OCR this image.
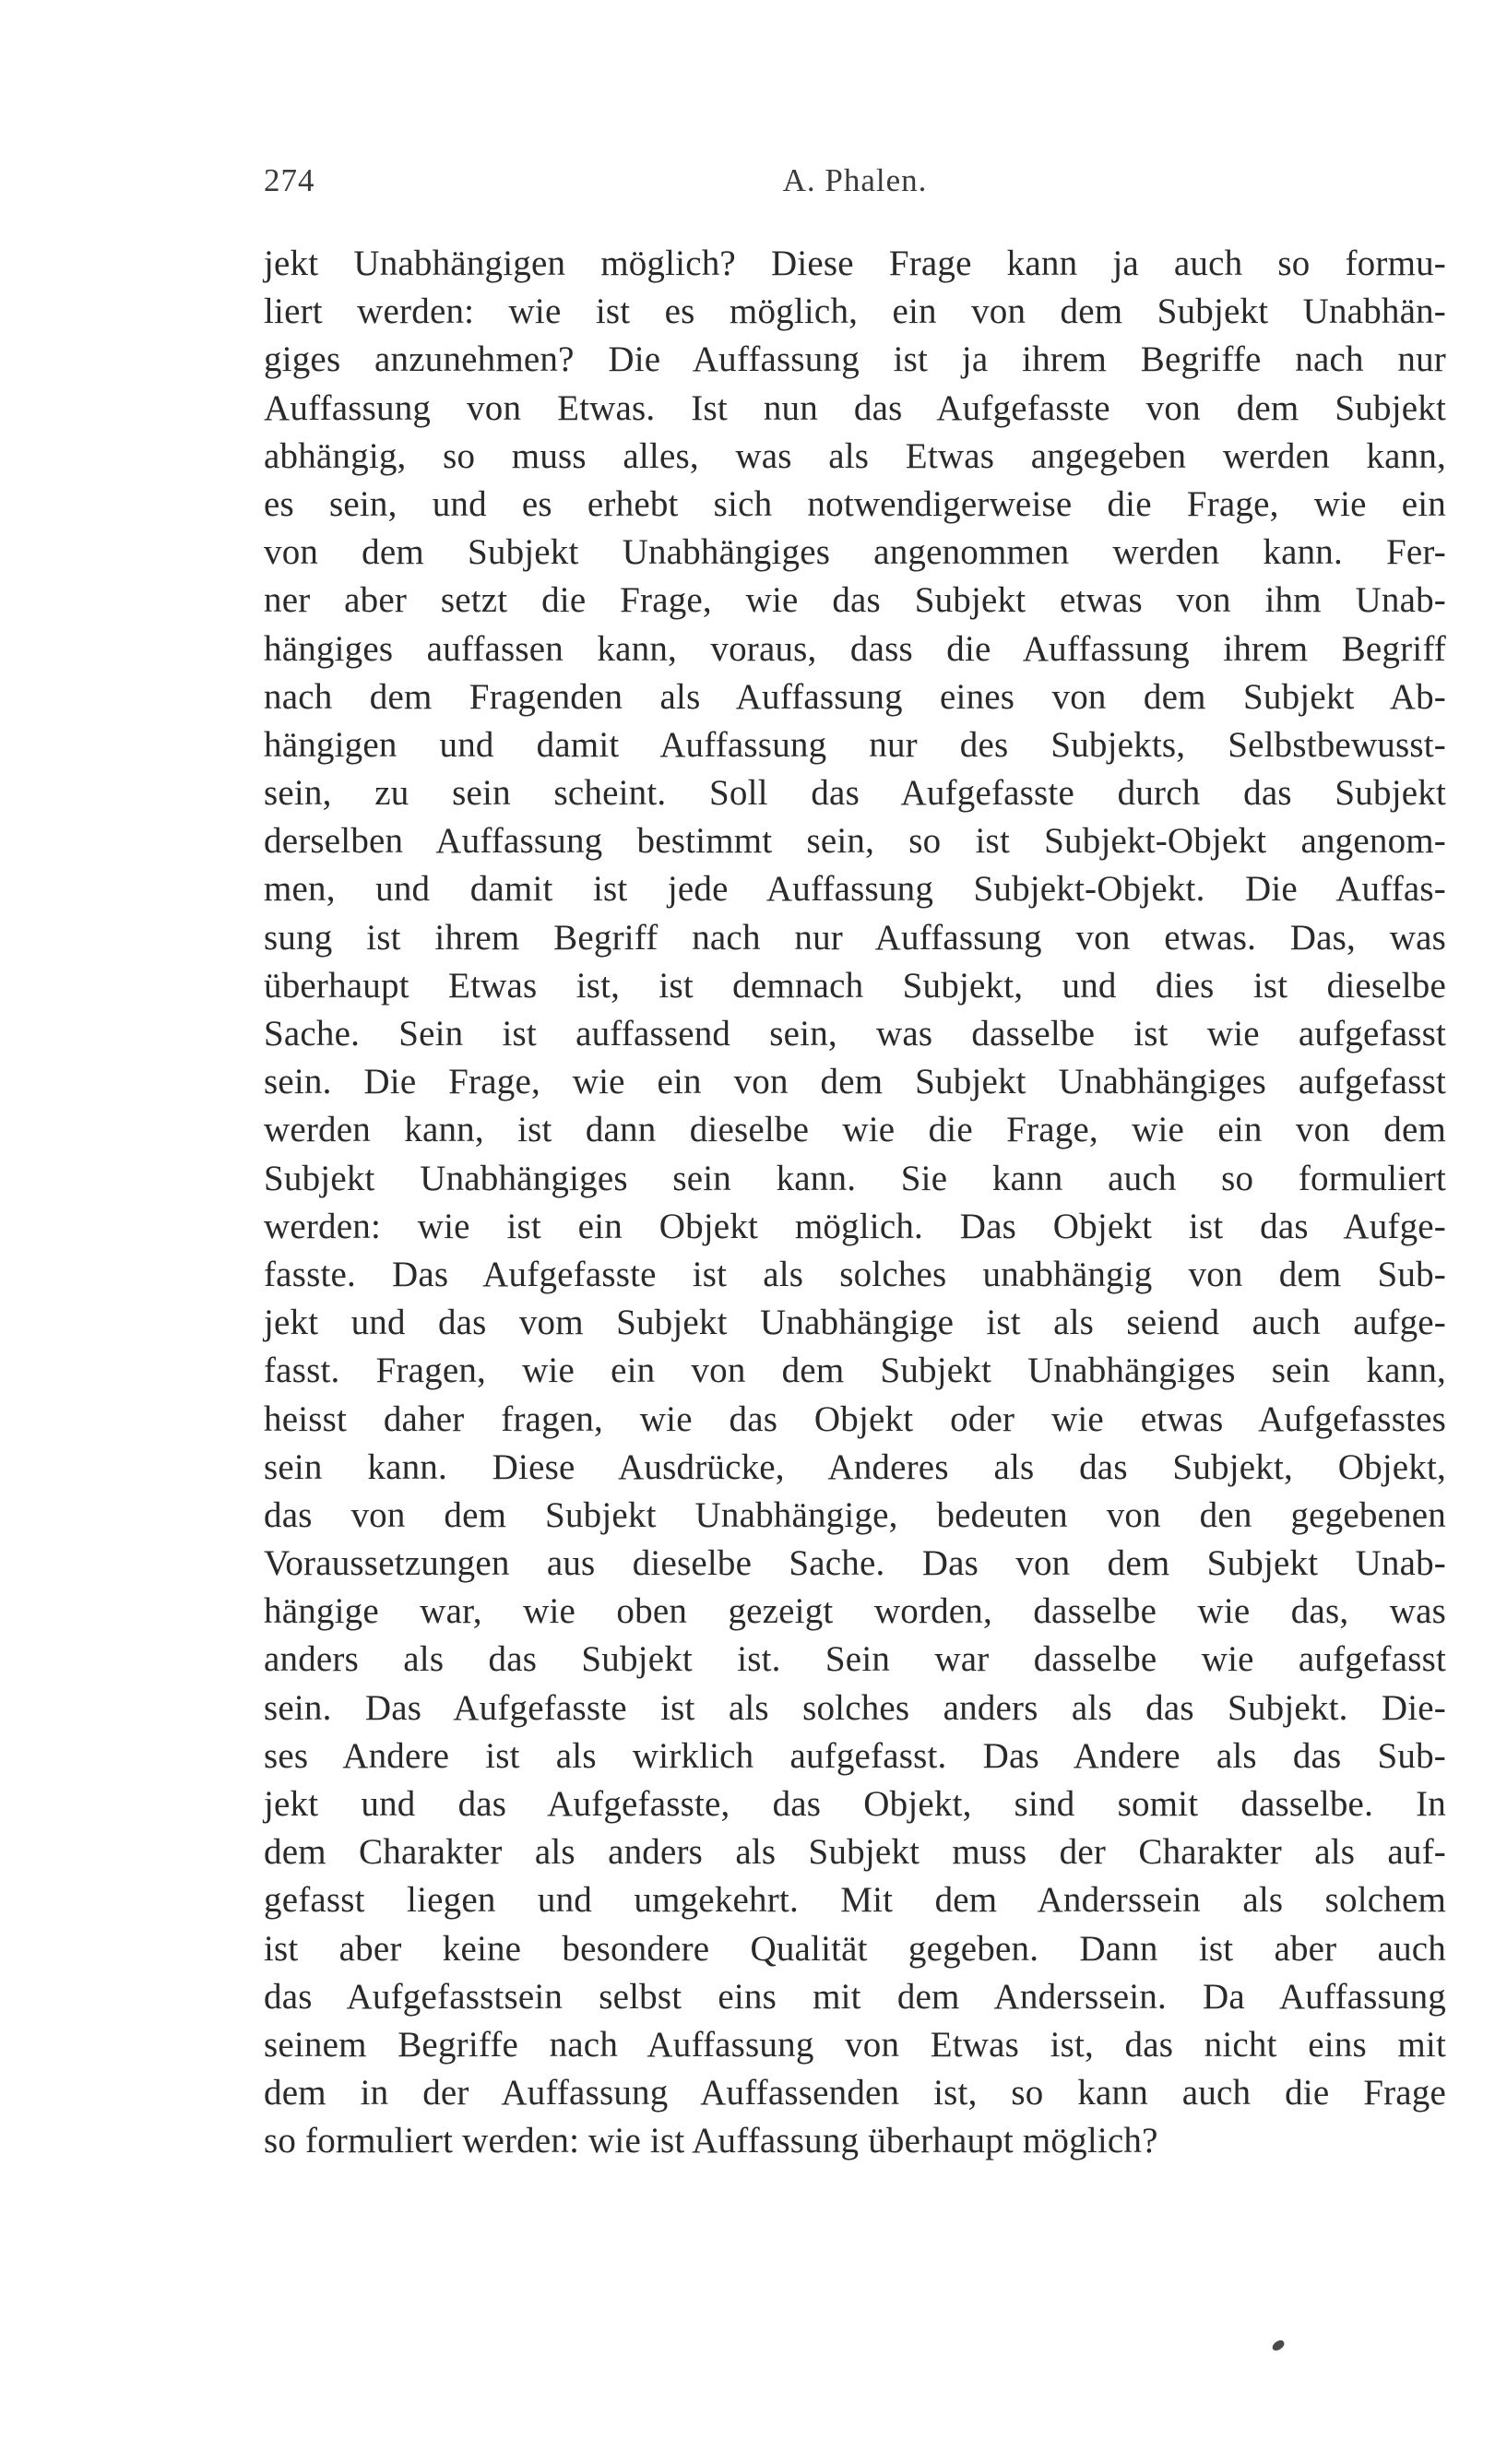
274	A. Phalen.
jekt Unabhängigen möglich? Diese Frage kann ja auch so formu-
liert werden: wie ist es möglich, ein von dem Subjekt Unabhän-
giges anzunehmen? Die Auffassung ist ja ihrem Begriffe nach nur
Auffassung von Etwas. Ist nun das Aufgefasste von dem Subjekt
abhängig, so muss alles, was als Etwas angegeben werden kann,
es sein, und es erhebt sich notwendigerweise die Frage, wie ein
von dem Subjekt Unabhängiges angenommen werden kann. Fer-
ner aber setzt die Frage, wie das Subjekt etwas von ihm Unab-
hängiges auffassen kann, voraus, dass die Auffassung ihrem Begriff
nach dem Fragenden als Auffassung eines von dem Subjekt Ab-
hängigen und damit Auffassung nur des Subjekts, Selbstbewusst-
sein, zu sein scheint. Soll das Aufgefasste durch das Subjekt
derselben Auffassung bestimmt sein, so ist Subjekt-Objekt angenom-
men, und damit ist jede Auffassung Subjekt-Objekt. Die Auffas-
sung ist ihrem Begriff nach nur Auffassung von etwas. Das, was
überhaupt Etwas ist, ist demnach Subjekt, und dies ist dieselbe
Sache. Sein ist auffassend sein, was dasselbe ist wie aufgefasst
sein. Die Frage, wie ein von dem Subjekt Unabhängiges aufgefasst
werden kann, ist dann dieselbe wie die Frage, wie ein von dem
Subjekt Unabhängiges sein kann. Sie kann auch so formuliert
werden: wie ist ein Objekt möglich. Das Objekt ist das Aufge-
fasste. Das Aufgefasste ist als solches unabhängig von dem Sub-
jekt und das vom Subjekt Unabhängige ist als seiend auch aufge-
fasst. Fragen, wie ein von dem Subjekt Unabhängiges sein kann,
heisst daher fragen, wie das Objekt oder wie etwas Aufgefasstes
sein kann. Diese Ausdrücke, Anderes als das Subjekt, Objekt,
das von dem Subjekt Unabhängige, bedeuten von den gegebenen
Voraussetzungen aus dieselbe Sache. Das von dem Subjekt Unab-
hängige war, wie oben gezeigt worden, dasselbe wie das, was
anders als das Subjekt ist. Sein war dasselbe wie aufgefasst
sein. Das Aufgefasste ist als solches anders als das Subjekt. Die-
ses Andere ist als wirklich aufgefasst. Das Andere als das Sub-
jekt und das Aufgefasste, das Objekt, sind somit dasselbe. In
dem Charakter als anders als Subjekt muss der Charakter als auf-
gefasst liegen und umgekehrt. Mit dem Anderssein als solchem
ist aber keine besondere Qualität gegeben. Dann ist aber auch
das Aufgefasstsein selbst eins mit dem Anderssein. Da Auffassung
seinem Begriffe nach Auffassung von Etwas ist, das nicht eins mit
dem in der Auffassung Auffassenden ist, so kann auch die Frage
so formuliert werden: wie ist Auffassung überhaupt möglich?
